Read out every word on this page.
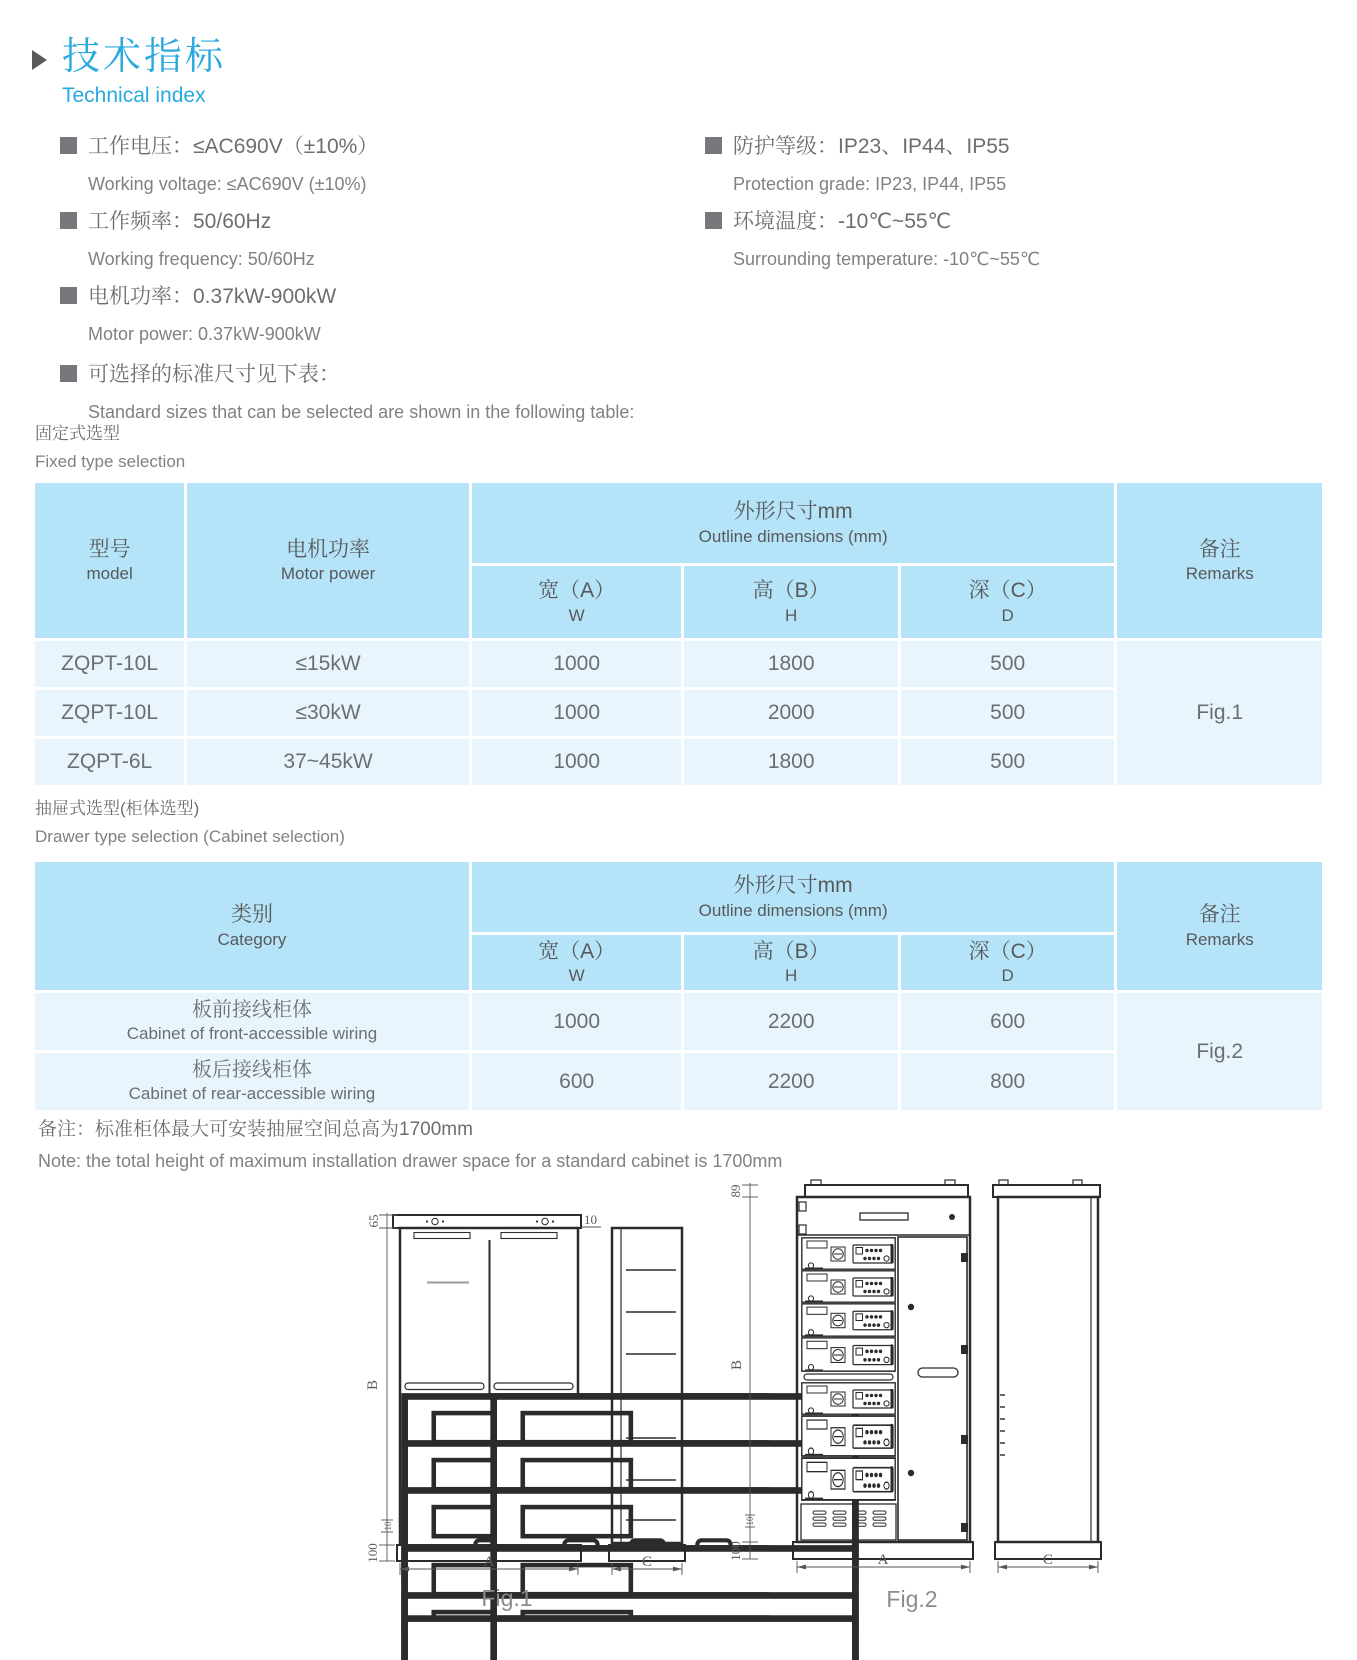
技术指标
Technical index
工作电压：≤AC690V（±10%）
Working voltage: ≤AC690V (±10%)
工作频率：50/60Hz
Working frequency: 50/60Hz
电机功率：0.37kW-900kW
Motor power: 0.37kW-900kW
防护等级：IP23、IP44、IP55
Protection grade: IP23, IP44, IP55
环境温度：-10℃~55℃
Surrounding temperature: -10℃~55℃
可选择的标准尺寸见下表：
Standard sizes that can be selected are shown in the following table:
固定式选型
Fixed type selection
型号
model
电机功率
Motor power
外形尺寸mm
Outline dimensions (mm)
备注
Remarks
宽（A）
W
高（B）
H
深（C）
D
ZQPT-10L	≤15kW	1000	1800	500
Fig.1
ZQPT-10L	≤30kW	1000	2000	500
ZQPT-6L	37~45kW	1000	1800	500
抽屉式选型(柜体选型)
Drawer type selection (Cabinet selection)
类别
Category
外形尺寸mm
Outline dimensions (mm)	备注
Remarks
宽（A）
W
高（B）
H
深（C）
D
板前接线柜体
Cabinet of front-accessible wiring
1000	2200	600
Fig.2
板后接线柜体
Cabinet of rear-accessible wiring
600	2200	800
备注：标准柜体最大可安装抽屉空间总高为1700mm
Note: the total height of maximum installation drawer space for a standard cabinet is 1700mm
65
B
10
100
10
A	C
Fig.1
89
B
10
100	A	C
Fig.2
